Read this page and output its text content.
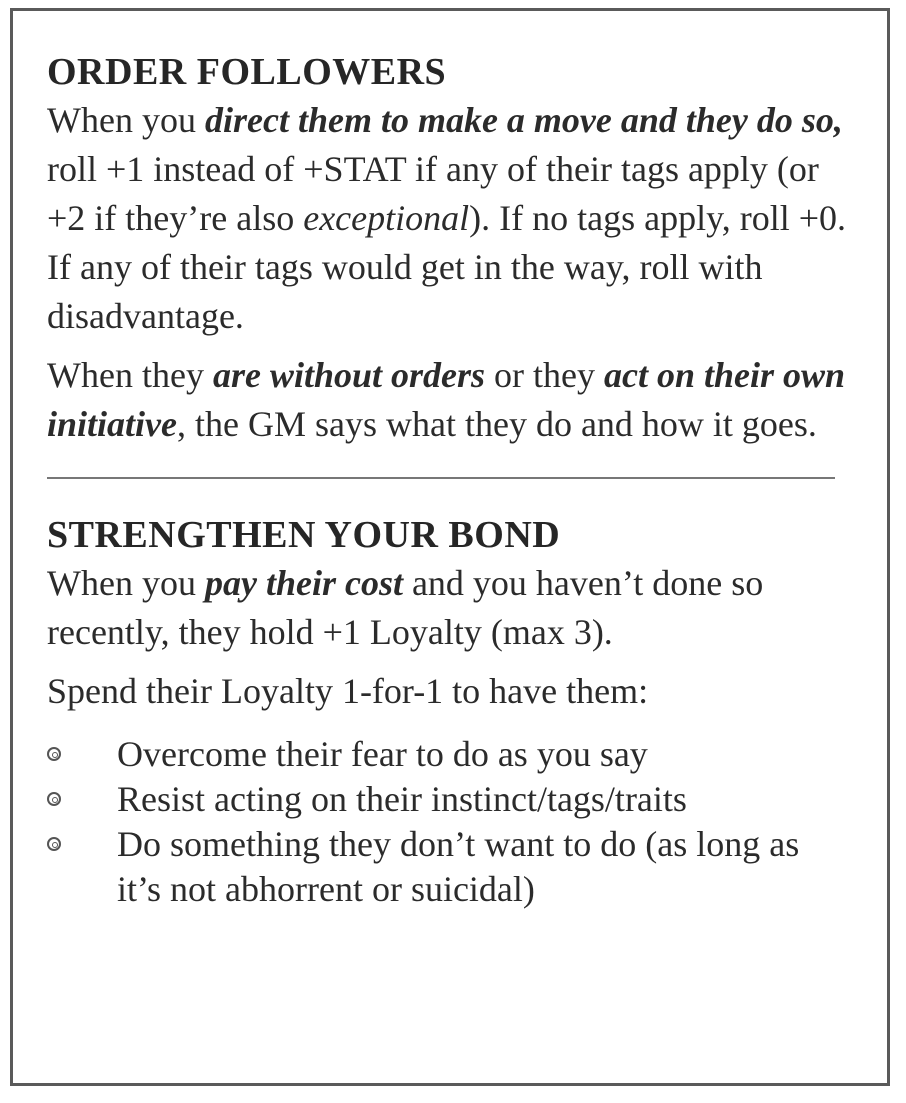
ORDER FOLLOWERS

When you direct them to make a move and they do so, roll +1 instead of +STAT if any of their tags apply (or +2 if they’re also exceptional). If no tags apply, roll +0. If any of their tags would get in the way, roll with disadvantage.

When they are without orders or they act on their own initiative, the GM says what they do and how it goes.

STRENGTHEN YOUR BOND

When you pay their cost and you haven’t done so recently, they hold +1 Loyalty (max 3).

Spend their Loyalty 1-for-1 to have them:

Overcome their fear to do as you say
Resist acting on their instinct/tags/traits
Do something they don’t want to do (as long as it’s not abhorrent or suicidal)
